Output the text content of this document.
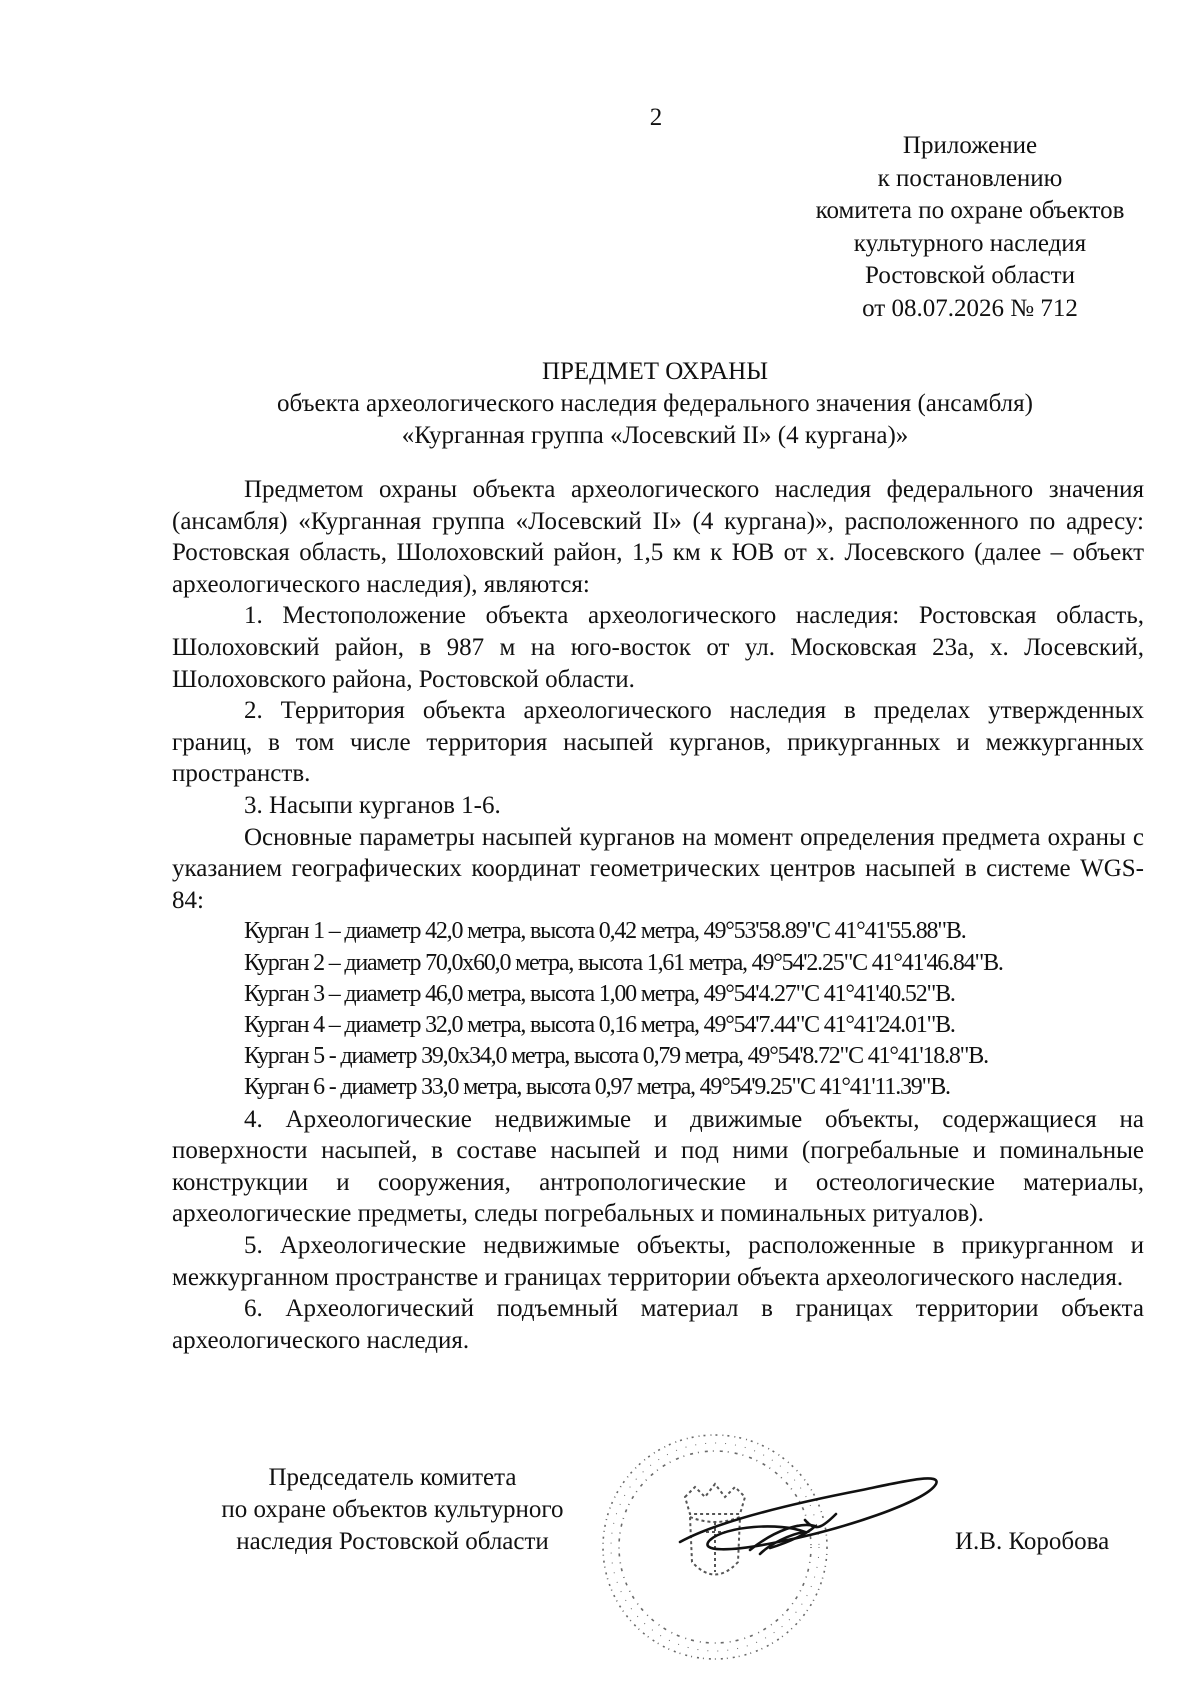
2
Приложение
к постановлению
комитета по охране объектов
культурного наследия
Ростовской области
от 08.07.2026 № 712
ПРЕДМЕТ ОХРАНЫ
объекта археологического наследия федерального значения (ансамбля)
«Курганная группа «Лосевский II» (4 кургана)»

Предметом охраны объекта археологического наследия федерального значения (ансамбля) «Курганная группа «Лосевский II» (4 кургана)», расположенного по адресу: Ростовская область, Шолоховский район, 1,5 км к ЮВ от х. Лосевского (далее – объект археологического наследия), являются:

1. Местоположение объекта археологического наследия: Ростовская область, Шолоховский район, в 987 м на юго-восток от ул. Московская 23а, х. Лосевский, Шолоховского района, Ростовской области.

2. Территория объекта археологического наследия в пределах утвержденных границ, в том числе территория насыпей курганов, прикурганных и межкурганных пространств.

3. Насыпи курганов 1-6.

Основные параметры насыпей курганов на момент определения предмета охраны с указанием географических координат геометрических центров насыпей в системе WGS-84:

Курган 1 – диаметр 42,0 метра, высота 0,42 метра, 49°53'58.89"С 41°41'55.88"В.

Курган 2 – диаметр 70,0х60,0 метра, высота 1,61 метра, 49°54'2.25"С 41°41'46.84"В.

Курган 3 – диаметр 46,0 метра, высота 1,00 метра, 49°54'4.27"С 41°41'40.52"В.

Курган 4 – диаметр 32,0 метра, высота 0,16 метра, 49°54'7.44"С 41°41'24.01"В.

Курган 5 - диаметр 39,0х34,0 метра, высота 0,79 метра, 49°54'8.72"С 41°41'18.8"В.

Курган 6 - диаметр 33,0 метра, высота 0,97 метра, 49°54'9.25"С 41°41'11.39"В.

4. Археологические недвижимые и движимые объекты, содержащиеся на поверхности насыпей, в составе насыпей и под ними (погребальные и поминальные конструкции и сооружения, антропологические и остеологические материалы, археологические предметы, следы погребальных и поминальных ритуалов).

5. Археологические недвижимые объекты, расположенные в прикурганном и межкурганном пространстве и границах территории объекта археологического наследия.

6. Археологический подъемный материал в границах территории объекта археологического наследия.

Председатель комитета
по охране объектов культурного
наследия Ростовской области	И.В. Коробова
